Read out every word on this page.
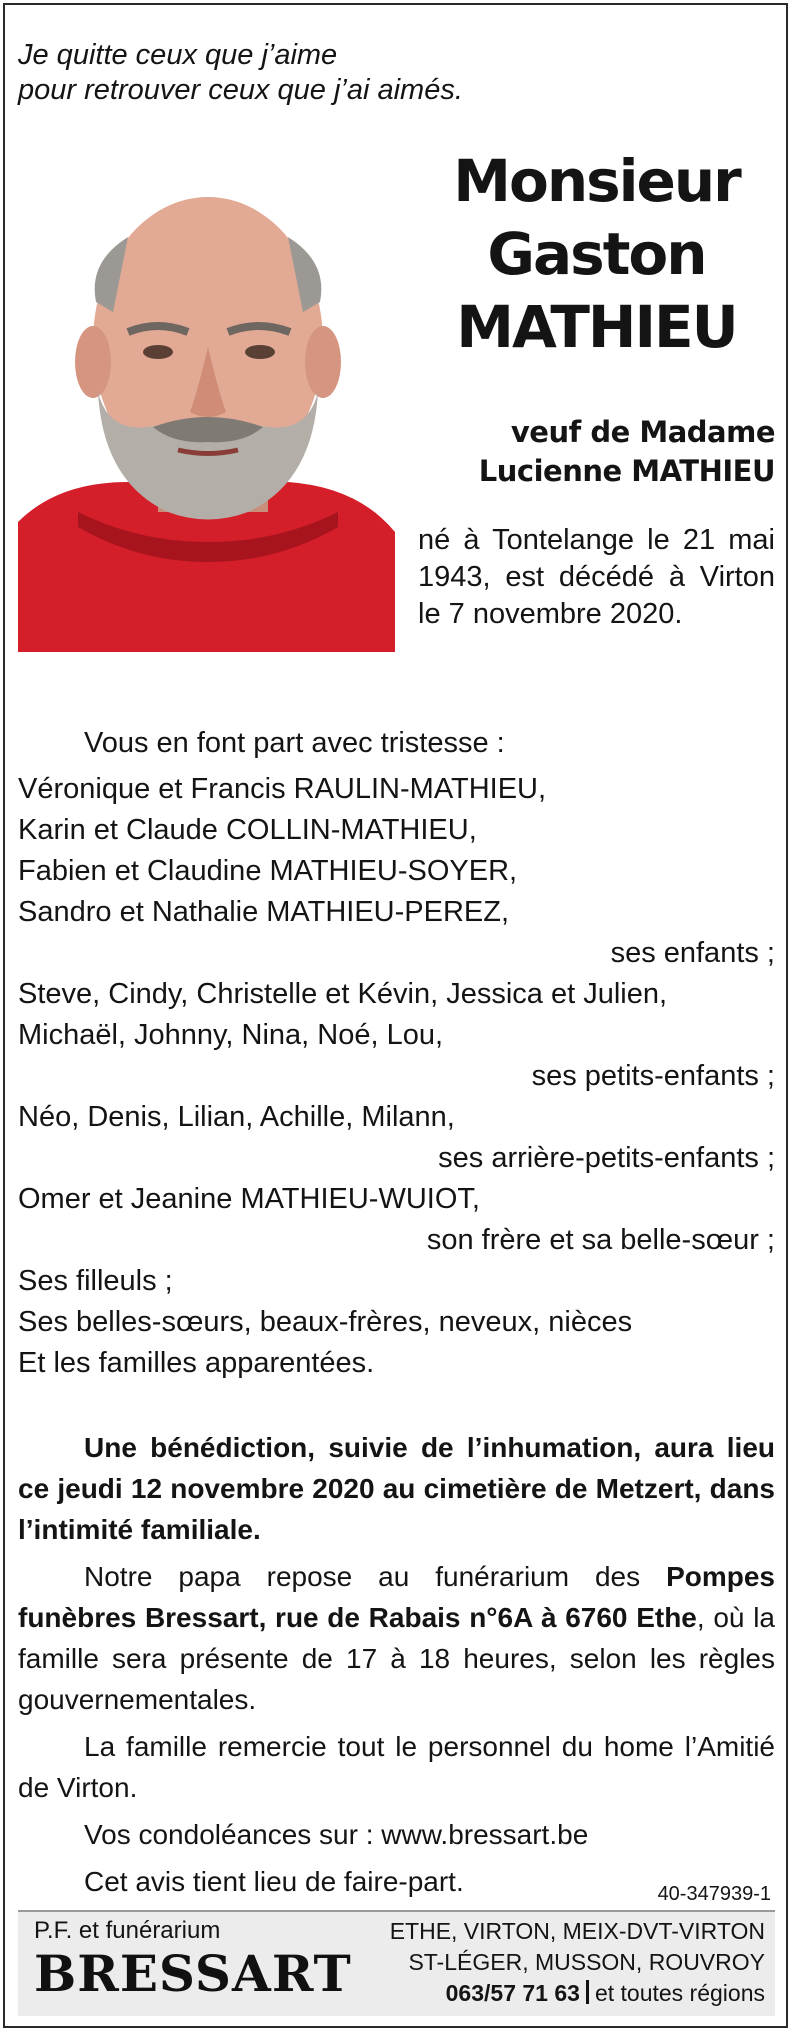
Je quitte ceux que j’aime
pour retrouver ceux que j’ai aimés.
Monsieur
Gaston
MATHIEU
veuf de Madame
Lucienne MATHIEU
né à Tontelange le 21 mai 1943, est décédé à Virton le 7 novembre 2020.

Vous en font part avec tristesse :

Véronique et Francis RAULIN-MATHIEU,

Karin et Claude COLLIN-MATHIEU,

Fabien et Claudine MATHIEU-SOYER,

Sandro et Nathalie MATHIEU-PEREZ,

ses enfants ;

Steve, Cindy, Christelle et Kévin, Jessica et Julien,

Michaël, Johnny, Nina, Noé, Lou,

ses petits-enfants ;

Néo, Denis, Lilian, Achille, Milann,

ses arrière-petits-enfants ;

Omer et Jeanine MATHIEU-WUIOT,

son frère et sa belle-sœur ;

Ses filleuls ;

Ses belles-sœurs, beaux-frères, neveux, nièces

Et les familles apparentées.

Une bénédiction, suivie de l’inhumation, aura lieu ce jeudi 12 novembre 2020 au cimetière de Metzert, dans l’intimité familiale.

Notre papa repose au funérarium des Pompes funèbres Bressart, rue de Rabais n°6A à 6760 Ethe, où la famille sera présente de 17 à 18 heures, selon les règles gouvernementales.

La famille remercie tout le personnel du home l’Amitié de Virton.

Vos condoléances sur : www.bressart.be

Cet avis tient lieu de faire-part.	40-347939-1
P.F. et funérarium
BRESSART
ETHE, VIRTON, MEIX-DVT-VIRTON
ST-LÉGER, MUSSON, ROUVROY
063/57 71 63 et toutes régions
